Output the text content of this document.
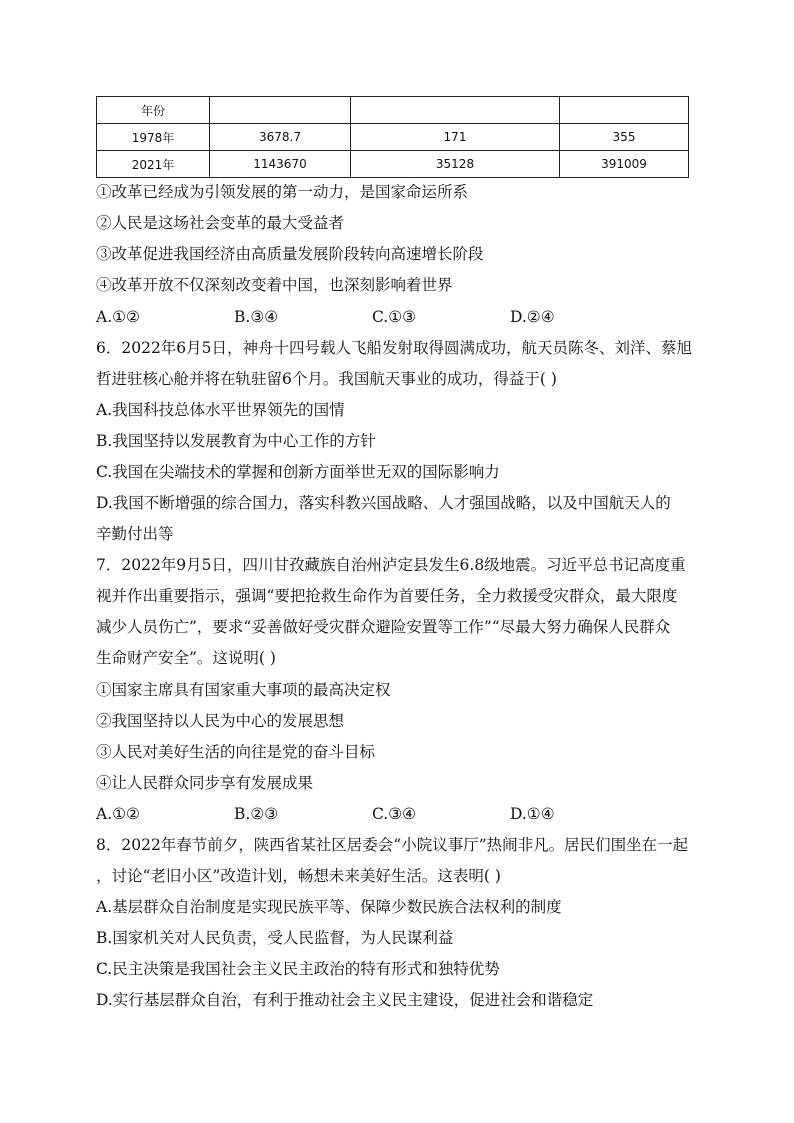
年份			
1978年	3678.7	171	355
2021年	1143670	35128	391009
①改革已经成为引领发展的第一动力，是国家命运所系
②人民是这场社会变革的最大受益者
③改革促进我国经济由高质量发展阶段转向高速增长阶段
④改革开放不仅深刻改变着中国，也深刻影响着世界
A.①②	B.③④	C.①③	D.②④
6．2022年6月5日，神舟十四号载人飞船发射取得圆满成功，航天员陈冬、刘洋、蔡旭
哲进驻核心舱并将在轨驻留6个月。我国航天事业的成功，得益于( )
A.我国科技总体水平世界领先的国情
B.我国坚持以发展教育为中心工作的方针
C.我国在尖端技术的掌握和创新方面举世无双的国际影响力
D.我国不断增强的综合国力，落实科教兴国战略、人才强国战略，以及中国航天人的
辛勤付出等
7．2022年9月5日，四川甘孜藏族自治州泸定县发生6.8级地震。习近平总书记高度重
视并作出重要指示，强调“要把抢救生命作为首要任务，全力救援受灾群众，最大限度
减少人员伤亡”，要求“妥善做好受灾群众避险安置等工作”“尽最大努力确保人民群众
生命财产安全”。这说明( )
①国家主席具有国家重大事项的最高决定权
②我国坚持以人民为中心的发展思想
③人民对美好生活的向往是党的奋斗目标
④让人民群众同步享有发展成果
A.①②	B.②③	C.③④	D.①④
8．2022年春节前夕，陕西省某社区居委会“小院议事厅”热闹非凡。居民们围坐在一起
，讨论“老旧小区”改造计划，畅想未来美好生活。这表明( )
A.基层群众自治制度是实现民族平等、保障少数民族合法权利的制度
B.国家机关对人民负责，受人民监督，为人民谋利益
C.民主决策是我国社会主义民主政治的特有形式和独特优势
D.实行基层群众自治，有利于推动社会主义民主建设，促进社会和谐稳定
